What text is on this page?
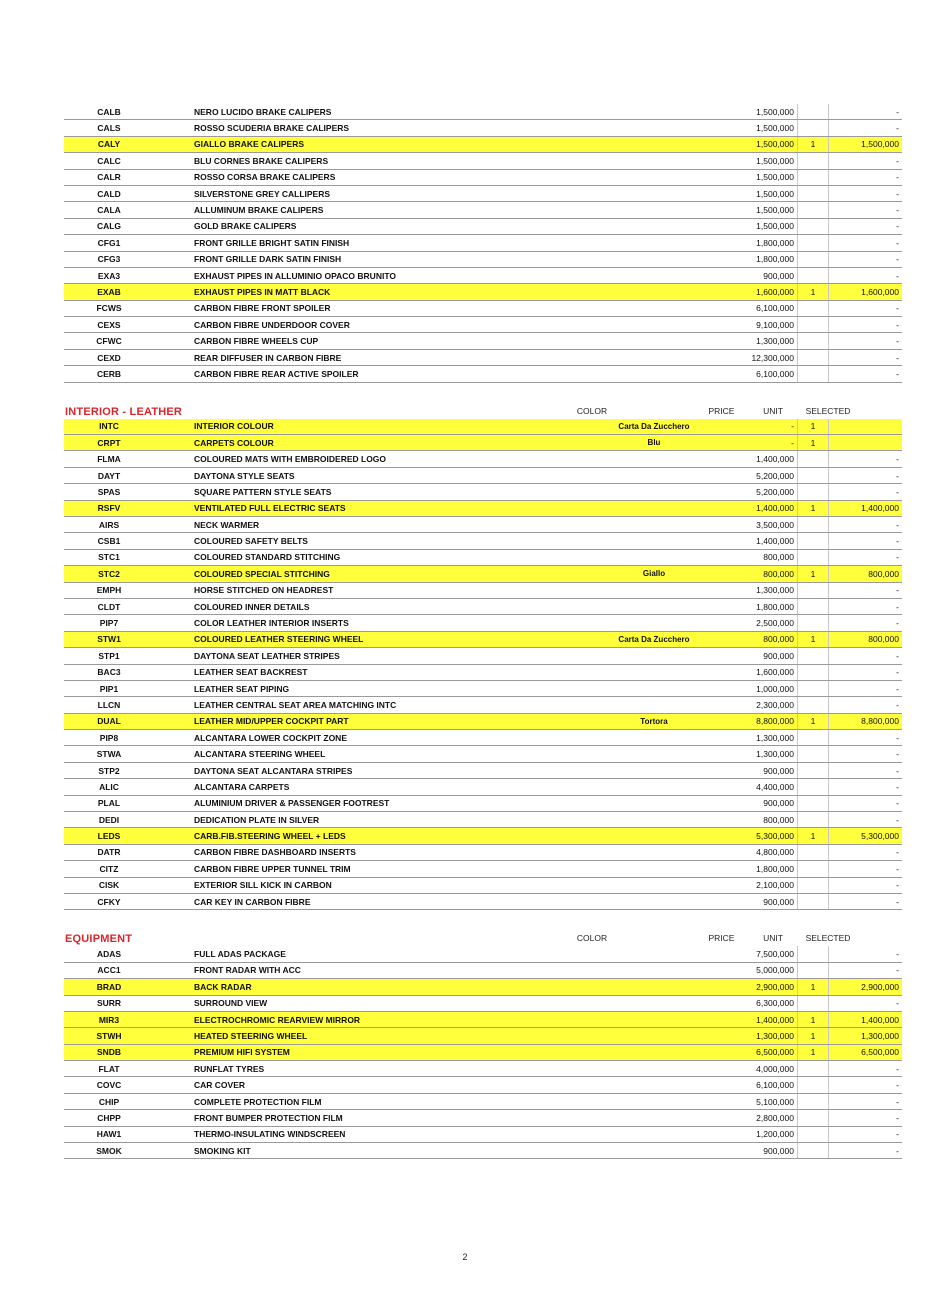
CALB	NERO LUCIDO BRAKE CALIPERS		1,500,000		-
CALS	ROSSO SCUDERIA BRAKE CALIPERS		1,500,000		-
CALY	GIALLO BRAKE CALIPERS		1,500,000	1	1,500,000
CALC	BLU CORNES BRAKE CALIPERS		1,500,000		-
CALR	ROSSO CORSA BRAKE CALIPERS		1,500,000		-
CALD	SILVERSTONE GREY CALLIPERS		1,500,000		-
CALA	ALLUMINUM BRAKE CALIPERS		1,500,000		-
CALG	GOLD BRAKE CALIPERS		1,500,000		-
CFG1	FRONT GRILLE BRIGHT SATIN FINISH		1,800,000		-
CFG3	FRONT GRILLE DARK SATIN FINISH		1,800,000		-
EXA3	EXHAUST PIPES IN ALLUMINIO OPACO BRUNITO		900,000		-
EXAB	EXHAUST PIPES IN MATT BLACK		1,600,000	1	1,600,000
FCWS	CARBON FIBRE FRONT SPOILER		6,100,000		-
CEXS	CARBON FIBRE UNDERDOOR COVER		9,100,000		-
CFWC	CARBON FIBRE WHEELS CUP		1,300,000		-
CEXD	REAR DIFFUSER IN CARBON FIBRE		12,300,000		-
CERB	CARBON FIBRE REAR ACTIVE SPOILER		6,100,000		-
INTERIOR - LEATHER	COLOR	PRICE	UNIT	SELECTED
INTC	INTERIOR COLOUR	Carta Da Zucchero	-	1	
CRPT	CARPETS COLOUR	Blu	-	1	
FLMA	COLOURED MATS WITH EMBROIDERED LOGO		1,400,000		-
DAYT	DAYTONA STYLE SEATS		5,200,000		-
SPAS	SQUARE PATTERN STYLE SEATS		5,200,000		-
RSFV	VENTILATED FULL ELECTRIC SEATS		1,400,000	1	1,400,000
AIRS	NECK WARMER		3,500,000		-
CSB1	COLOURED SAFETY BELTS		1,400,000		-
STC1	COLOURED STANDARD STITCHING		800,000		-
STC2	COLOURED SPECIAL STITCHING	Giallo	800,000	1	800,000
EMPH	HORSE STITCHED ON HEADREST		1,300,000		-
CLDT	COLOURED INNER DETAILS		1,800,000		-
PIP7	COLOR LEATHER INTERIOR INSERTS		2,500,000		-
STW1	COLOURED LEATHER STEERING WHEEL	Carta Da Zucchero	800,000	1	800,000
STP1	DAYTONA SEAT LEATHER STRIPES		900,000		-
BAC3	LEATHER SEAT BACKREST		1,600,000		-
PIP1	LEATHER SEAT PIPING		1,000,000		-
LLCN	LEATHER CENTRAL SEAT AREA MATCHING INTC		2,300,000		-
DUAL	LEATHER MID/UPPER COCKPIT PART	Tortora	8,800,000	1	8,800,000
PIP8	ALCANTARA LOWER COCKPIT ZONE		1,300,000		-
STWA	ALCANTARA STEERING WHEEL		1,300,000		-
STP2	DAYTONA SEAT ALCANTARA STRIPES		900,000		-
ALIC	ALCANTARA CARPETS		4,400,000		-
PLAL	ALUMINIUM DRIVER & PASSENGER FOOTREST		900,000		-
DEDI	DEDICATION PLATE IN SILVER		800,000		-
LEDS	CARB.FIB.STEERING WHEEL + LEDS		5,300,000	1	5,300,000
DATR	CARBON FIBRE DASHBOARD INSERTS		4,800,000		-
CITZ	CARBON FIBRE UPPER TUNNEL TRIM		1,800,000		-
CISK	EXTERIOR SILL KICK IN CARBON		2,100,000		-
CFKY	CAR KEY IN CARBON FIBRE		900,000		-
EQUIPMENT	COLOR	PRICE	UNIT	SELECTED
ADAS	FULL ADAS PACKAGE		7,500,000		-
ACC1	FRONT RADAR WITH ACC		5,000,000		-
BRAD	BACK RADAR		2,900,000	1	2,900,000
SURR	SURROUND VIEW		6,300,000		-
MIR3	ELECTROCHROMIC REARVIEW MIRROR		1,400,000	1	1,400,000
STWH	HEATED STEERING WHEEL		1,300,000	1	1,300,000
SNDB	PREMIUM HIFI SYSTEM		6,500,000	1	6,500,000
FLAT	RUNFLAT TYRES		4,000,000		-
COVC	CAR COVER		6,100,000		-
CHIP	COMPLETE PROTECTION FILM		5,100,000		-
CHPP	FRONT BUMPER PROTECTION FILM		2,800,000		-
HAW1	THERMO-INSULATING WINDSCREEN		1,200,000		-
SMOK	SMOKING KIT		900,000		-
2
